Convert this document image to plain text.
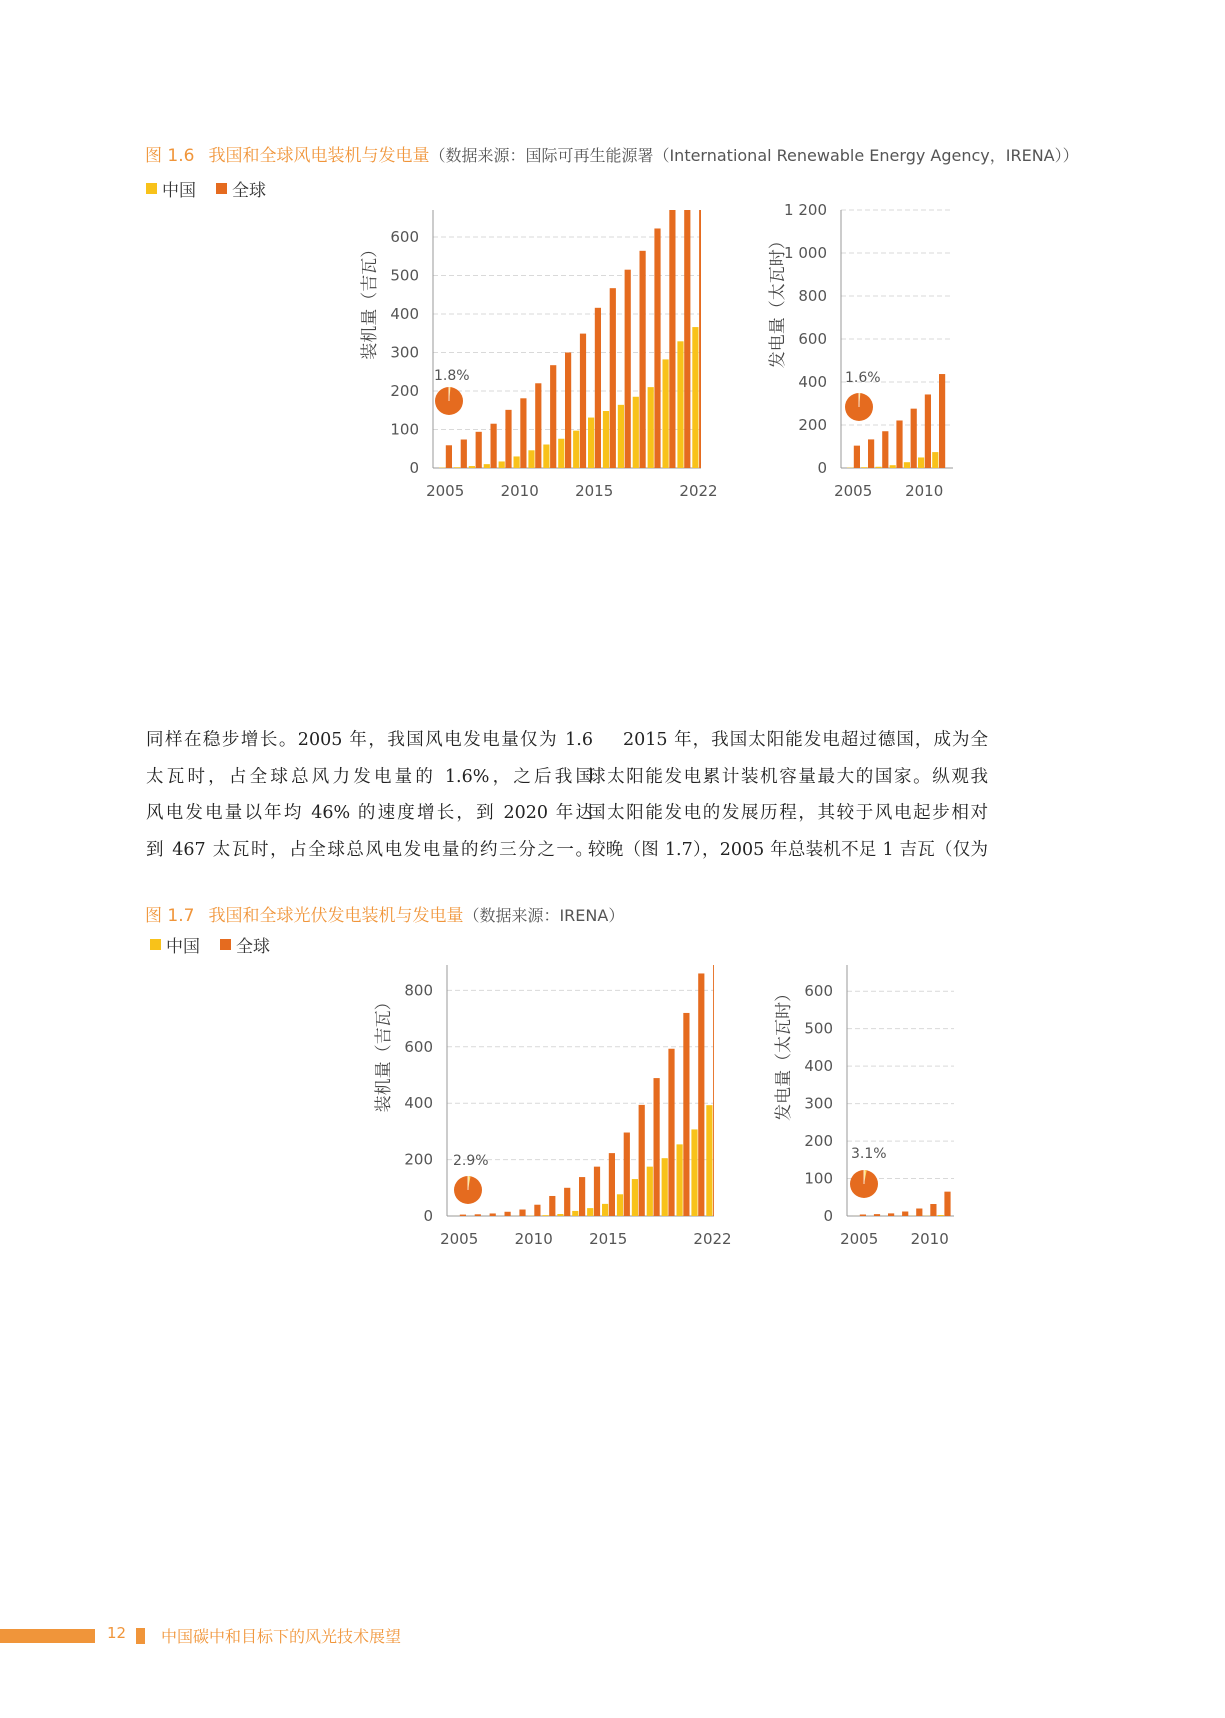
图 1.6 我国和全球风电装机与发电量（数据来源：国际可再生能源署（International Renewable Energy Agency，IRENA））
中国 全球
0
100
200
300
400
500
600
2005 2010 2015	2022
装机量（吉瓦）
1.8%
0
200
400
600
800
1 000
1 200
2005 2010
发电量（太瓦时）
1.6%
同样在稳步增长。2005 年，我国风电发电量仅为 1.6
太瓦时，占全球总风力发电量的 1.6%，之后我国
风电发电量以年均 46% 的速度增长，到 2020 年达
到 467 太瓦时，占全球总风电发电量的约三分之一。
2015 年，我国太阳能发电超过德国，成为全
球太阳能发电累计装机容量最大的国家。纵观我
国太阳能发电的发展历程，其较于风电起步相对
较晚（图 1.7），2005 年总装机不足 1 吉瓦（仅为
图 1.7 我国和全球光伏发电装机与发电量（数据来源：IRENA）
中国 全球
0
200
400
600
800
2005 2010 2015	2022
装机量（吉瓦）
2.9%
0
100
200
300
400
500
600
2005 2010
发电量（太瓦时）
3.1%
12 中国碳中和目标下的风光技术展望
